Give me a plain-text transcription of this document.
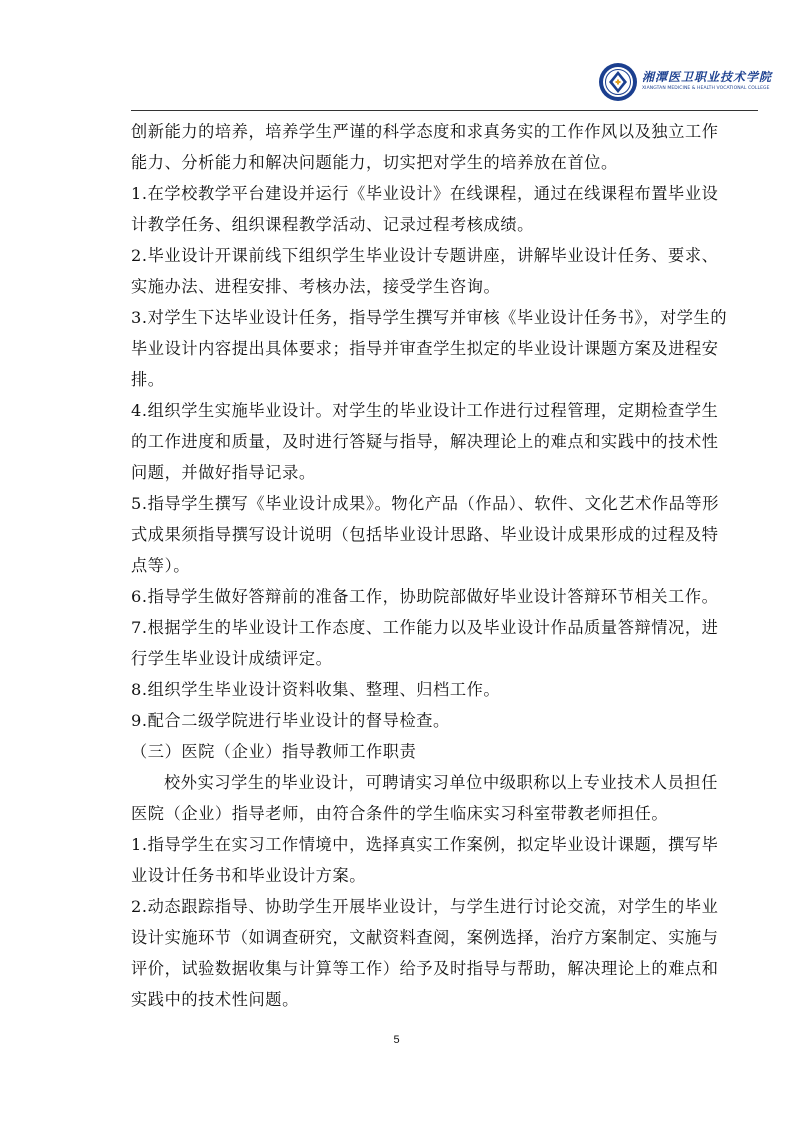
湘潭医卫职业技术学院
XIANGTAN MEDICINE & HEALTH VOCATIONAL COLLEGE

创新能力的培养，培养学生严谨的科学态度和求真务实的工作作风以及独立工作

能力、分析能力和解决问题能力，切实把对学生的培养放在首位。

1.在学校教学平台建设并运行《毕业设计》在线课程，通过在线课程布置毕业设

计教学任务、组织课程教学活动、记录过程考核成绩。

2.毕业设计开课前线下组织学生毕业设计专题讲座，讲解毕业设计任务、要求、

实施办法、进程安排、考核办法，接受学生咨询。

3.对学生下达毕业设计任务，指导学生撰写并审核《毕业设计任务书》，对学生的

毕业设计内容提出具体要求；指导并审查学生拟定的毕业设计课题方案及进程安

排。

4.组织学生实施毕业设计。对学生的毕业设计工作进行过程管理，定期检查学生

的工作进度和质量，及时进行答疑与指导，解决理论上的难点和实践中的技术性

问题，并做好指导记录。

5.指导学生撰写《毕业设计成果》。物化产品（作品）、软件、文化艺术作品等形

式成果须指导撰写设计说明（包括毕业设计思路、毕业设计成果形成的过程及特

点等）。

6.指导学生做好答辩前的准备工作，协助院部做好毕业设计答辩环节相关工作。

7.根据学生的毕业设计工作态度、工作能力以及毕业设计作品质量答辩情况，进

行学生毕业设计成绩评定。

8.组织学生毕业设计资料收集、整理、归档工作。

9.配合二级学院进行毕业设计的督导检查。

（三）医院（企业）指导教师工作职责

校外实习学生的毕业设计，可聘请实习单位中级职称以上专业技术人员担任

医院（企业）指导老师，由符合条件的学生临床实习科室带教老师担任。

1.指导学生在实习工作情境中，选择真实工作案例，拟定毕业设计课题，撰写毕

业设计任务书和毕业设计方案。

2.动态跟踪指导、协助学生开展毕业设计，与学生进行讨论交流，对学生的毕业

设计实施环节（如调查研究，文献资料查阅，案例选择，治疗方案制定、实施与

评价，试验数据收集与计算等工作）给予及时指导与帮助，解决理论上的难点和

实践中的技术性问题。

5
